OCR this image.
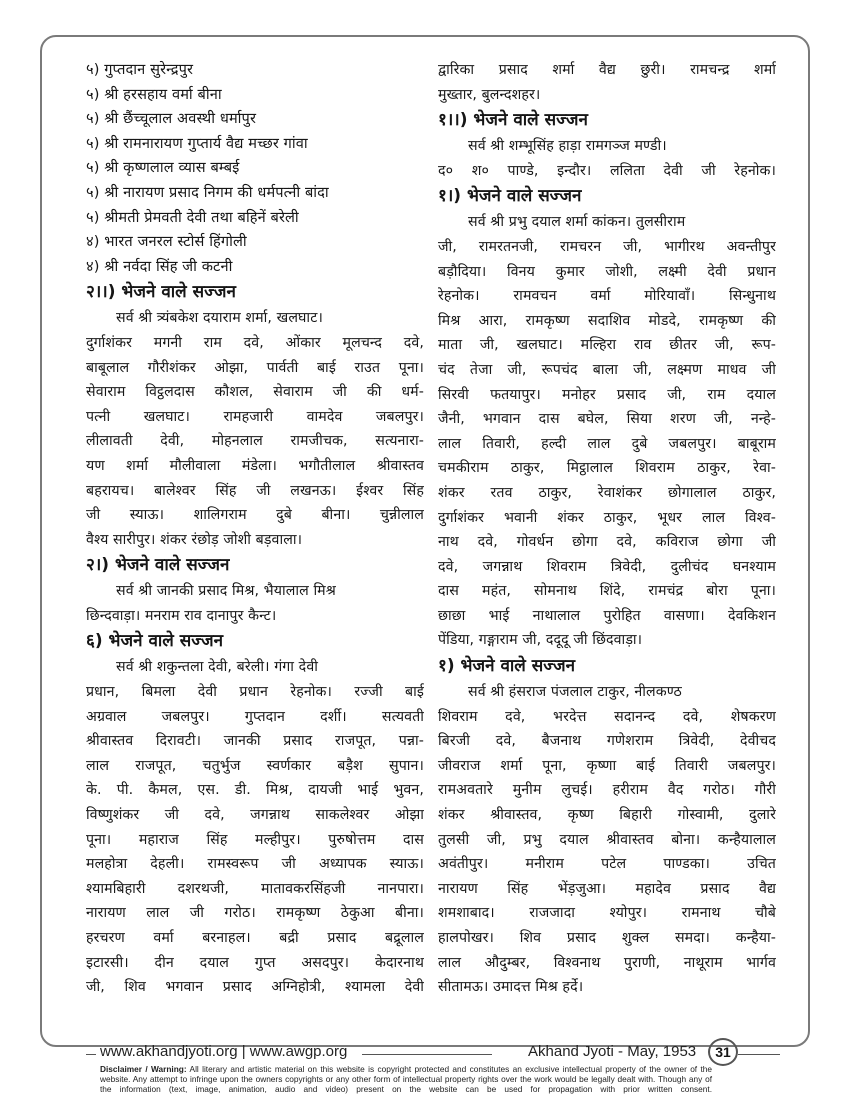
५) गुप्तदान सुरेन्द्रपुर
५) श्री हरसहाय वर्मा बीना
५) श्री छैंच्चूलाल अवस्थी धर्मापुर
५) श्री रामनारायण गुप्तार्य वैद्य मच्छर गांवा
५) श्री कृष्णलाल व्यास बम्बई
५) श्री नारायण प्रसाद निगम की धर्मपत्नी बांदा
५) श्रीमती प्रेमवती देवी तथा बहिनें बरेली
४) भारत जनरल स्टोर्स हिंगोली
४) श्री नर्वदा सिंह जी कटनी
२।।) भेजने वाले सज्जन
सर्व श्री त्र्यंबकेश दयाराम शर्मा, खलघाट।
दुर्गाशंकर मगनी राम दवे, ओंकार मूलचन्द दवे,
बाबूलाल गौरीशंकर ओझा, पार्वती बाई राउत पूना।
सेवाराम विट्ठलदास कौशल, सेवाराम जी की धर्म-
पत्नी खलघाट। रामहजारी वामदेव जबलपुर।
लीलावती देवी, मोहनलाल रामजीचक, सत्यनारा-
यण शर्मा मौलीवाला मंडेला। भगौतीलाल श्रीवास्तव
बहरायच। बालेश्वर सिंह जी लखनऊ। ईश्वर सिंह
जी स्याऊ। शालिगराम दुबे बीना। चुन्नीलाल
वैश्य सारीपुर। शंकर रंछोड़ जोशी बड़वाला।
२।) भेजने वाले सज्जन
सर्व श्री जानकी प्रसाद मिश्र, भैयालाल मिश्र
छिन्दवाड़ा। मनराम राव दानापुर कैन्ट।
६) भेजने वाले सज्जन
सर्व श्री शकुन्तला देवी, बरेली। गंगा देवी
प्रधान, बिमला देवी प्रधान रेहनोक। रज्जी बाई
अग्रवाल जबलपुर। गुप्तदान दर्शी। सत्यवती
श्रीवास्तव दिरावटी। जानकी प्रसाद राजपूत, पन्ना-
लाल राजपूत, चतुर्भुज स्वर्णकार बड़ैश सुपान।
के. पी. कैमल, एस. डी. मिश्र, दायजी भाई भुवन,
विष्णुशंकर जी दवे, जगन्नाथ साकलेश्वर ओझा
पूना। महाराज सिंह मल्हीपुर। पुरुषोत्तम दास
मलहोत्रा देहली। रामस्वरूप जी अध्यापक स्याऊ।
श्यामबिहारी दशरथजी, मातावकरसिंहजी नानपारा।
नारायण लाल जी गरोठ। रामकृष्ण ठेकुआ बीना।
हरचरण वर्मा बरनाहल। बद्री प्रसाद बद्रूलाल
इटारसी। दीन दयाल गुप्त असदपुर। केदारनाथ
जी, शिव भगवान प्रसाद अग्निहोत्री, श्यामला देवी
द्वारिका प्रसाद शर्मा वैद्य छुरी। रामचन्द्र शर्मा
मुख्तार, बुलन्दशहर।
१।।) भेजने वाले सज्जन
सर्व श्री शम्भूसिंह हाड़ा रामगञ्ज मण्डी।
द० श० पाण्डे, इन्दौर। ललिता देवी जी रेहनोक।
१।) भेजने वाले सज्जन
सर्व श्री प्रभु दयाल शर्मा कांकन। तुलसीराम
जी, रामरतनजी, रामचरन जी, भागीरथ अवन्तीपुर
बड़ौदिया। विनय कुमार जोशी, लक्ष्मी देवी प्रधान
रेहनोक। रामवचन वर्मा मोरियावाँ। सिन्धुनाथ
मिश्र आरा, रामकृष्ण सदाशिव मोडदे, रामकृष्ण की
माता जी, खलघाट। मल्हिरा राव छीतर जी, रूप-
चंद तेजा जी, रूपचंद बाला जी, लक्ष्मण माधव जी
सिरवी फतयापुर। मनोहर प्रसाद जी, राम दयाल
जैनी, भगवान दास बघेल, सिया शरण जी, नन्हे-
लाल तिवारी, हल्दी लाल दुबे जबलपुर। बाबूराम
चमकीराम ठाकुर, मिट्ठालाल शिवराम ठाकुर, रेवा-
शंकर रतव ठाकुर, रेवाशंकर छोगालाल ठाकुर,
दुर्गाशंकर भवानी शंकर ठाकुर, भूधर लाल विश्व-
नाथ दवे, गोवर्धन छोगा दवे, कविराज छोगा जी
दवे, जगन्नाथ शिवराम त्रिवेदी, दुलीचंद घनश्याम
दास महंत, सोमनाथ शिंदे, रामचंद्र बोरा पूना।
छाछा भाई नाथालाल पुरोहित वासणा। देवकिशन
पेंडिया, गङ्गाराम जी, ददूदू जी छिंदवाड़ा।
१) भेजने वाले सज्जन
सर्व श्री हंसराज पंजलाल टाकुर, नीलकण्ठ
शिवराम दवे, भरदेत्त सदानन्द दवे, शेषकरण
बिरजी दवे, बैजनाथ गणेशराम त्रिवेदी, देवीचद
जीवराज शर्मा पूना, कृष्णा बाई तिवारी जबलपुर।
रामअवतारे मुनीम लुचई। हरीराम वैद गरोठ। गौरी
शंकर श्रीवास्तव, कृष्ण बिहारी गोस्वामी, दुलारे
तुलसी जी, प्रभु दयाल श्रीवास्तव बोना। कन्हैयालाल
अवंतीपुर। मनीराम पटेल पाण्डका। उचित
नारायण सिंह भेंड़जुआ। महादेव प्रसाद वैद्य
शमशाबाद। राजजादा श्योपुर। रामनाथ चौबे
हालपोखर। शिव प्रसाद शुक्ल समदा। कन्हैया-
लाल औदुम्बर, विश्वनाथ पुराणी, नाथूराम भार्गव
सीतामऊ। उमादत्त मिश्र हर्दे।
www.akhandjyoti.org | www.awgp.org	Akhand Jyoti - May, 1953	31
Disclaimer / Warning: All literary and artistic material on this website is copyright protected and constitutes an exclusive intellectual property of the owner of the website. Any attempt to infringe upon the owners copyrights or any other form of intellectual property rights over the work would be legally dealt with. Though any of the information (text, image, animation, audio and video) present on the website can be used for propagation with prior written consent.
